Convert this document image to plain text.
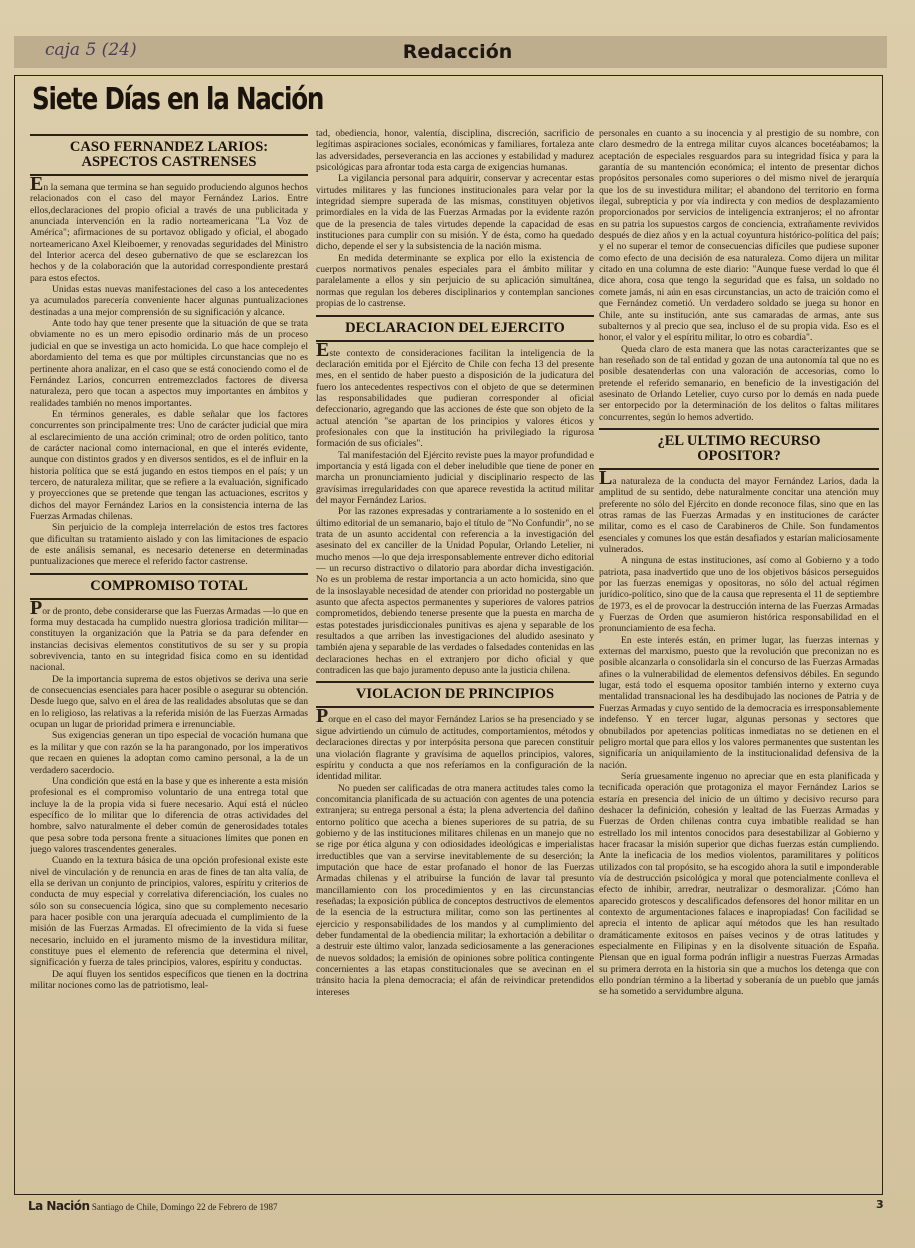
caja 5 (24)	Redacción
Siete Días en la Nación
CASO FERNANDEZ LARIOS:
ASPECTOS CASTRENSES

En la semana que termina se han seguido produciendo algunos hechos relacionados con el caso del mayor Fernández Larios. Entre ellos,declaraciones del propio oficial a través de una publicitada y anunciada intervención en la radio norteamericana "La Voz de América"; afirmaciones de su portavoz obligado y oficial, el abogado norteamericano Axel Kleiboemer, y renovadas seguridades del Ministro del Interior acerca del deseo gubernativo de que se esclarezcan los hechos y de la colaboración que la autoridad correspondiente prestará para estos efectos.

Unidas estas nuevas manifestaciones del caso a los antecedentes ya acumulados parecería conveniente hacer algunas puntualizaciones destinadas a una mejor comprensión de su significación y alcance.

Ante todo hay que tener presente que la situación de que se trata obviamente no es un mero episodio ordinario más de un proceso judicial en que se investiga un acto homicida. Lo que hace complejo el abordamiento del tema es que por múltiples circunstancias que no es pertinente ahora analizar, en el caso que se está conociendo como el de Fernández Larios, concurren entremezclados factores de diversa naturaleza, pero que tocan a aspectos muy importantes en ámbitos y realidades también no menos importantes.

En términos generales, es dable señalar que los factores concurrentes son principalmente tres: Uno de carácter judicial que mira al esclarecimiento de una acción criminal; otro de orden político, tanto de carácter nacional como internacional, en que el interés evidente, aunque con distintos grados y en diversos sentidos, es el de influir en la historia política que se está jugando en estos tiempos en el país; y un tercero, de naturaleza militar, que se refiere a la evaluación, significado y proyecciones que se pretende que tengan las actuaciones, escritos y dichos del mayor Fernández Larios en la consistencia interna de las Fuerzas Armadas chilenas.

Sin perjuicio de la compleja interrelación de estos tres factores que dificultan su tratamiento aislado y con las limitaciones de espacio de este análisis semanal, es necesario detenerse en determinadas puntualizaciones que merece el referido factor castrense.

COMPROMISO TOTAL

Por de pronto, debe considerarse que las Fuerzas Armadas —lo que en forma muy destacada ha cumplido nuestra gloriosa tradición militar— constituyen la organización que la Patria se da para defender en instancias decisivas elementos constitutivos de su ser y su propia sobrevivencia, tanto en su integridad física como en su identidad nacional.

De la importancia suprema de estos objetivos se deriva una serie de consecuencias esenciales para hacer posible o asegurar su obtención. Desde luego que, salvo en el área de las realidades absolutas que se dan en lo religioso, las relativas a la referida misión de las Fuerzas Armadas ocupan un lugar de prioridad primera e irrenunciable.

Sus exigencias generan un tipo especial de vocación humana que es la militar y que con razón se la ha parangonado, por los imperativos que recaen en quienes la adoptan como camino personal, a la de un verdadero sacerdocio.

Una condición que está en la base y que es inherente a esta misión profesional es el compromiso voluntario de una entrega total que incluye la de la propia vida si fuere necesario. Aquí está el núcleo específico de lo militar que lo diferencia de otras actividades del hombre, salvo naturalmente el deber común de generosidades totales que pesa sobre toda persona frente a situaciones límites que ponen en juego valores trascendentes generales.

Cuando en la textura básica de una opción profesional existe este nivel de vinculación y de renuncia en aras de fines de tan alta valía, de ella se derivan un conjunto de principios, valores, espíritu y criterios de conducta de muy especial y correlativa diferenciación, los cuales no sólo son su consecuencia lógica, sino que su complemento necesario para hacer posible con una jerarquía adecuada el cumplimiento de la misión de las Fuerzas Armadas. El ofrecimiento de la vida si fuese necesario, incluido en el juramento mismo de la investidura militar, constituye pues el elemento de referencia que determina el nivel, significación y fuerza de tales principios, valores, espíritu y conductas.

De aquí fluyen los sentidos específicos que tienen en la doctrina militar nociones como las de patriotismo, leal-

tad, obediencia, honor, valentía, disciplina, discreción, sacrificio de legítimas aspiraciones sociales, económicas y familiares, fortaleza ante las adversidades, perseverancia en las acciones y estabilidad y madurez psicológicas para afrontar toda esta carga de exigencias humanas.

La vigilancia personal para adquirir, conservar y acrecentar estas virtudes militares y las funciones institucionales para velar por la integridad siempre superada de las mismas, constituyen objetivos primordiales en la vida de las Fuerzas Armadas por la evidente razón que de la presencia de tales virtudes depende la capacidad de esas instituciones para cumplir con su misión. Y de ésta, como ha quedado dicho, depende el ser y la subsistencia de la nación misma.

En medida determinante se explica por ello la existencia de cuerpos normativos penales especiales para el ámbito militar y paralelamente a ellos y sin perjuicio de su aplicación simultánea, normas que regulan los deberes disciplinarios y contemplan sanciones propias de lo castrense.

DECLARACION DEL EJERCITO

Este contexto de consideraciones facilitan la inteligencia de la declaración emitida por el Ejército de Chile con fecha 13 del presente mes, en el sentido de haber puesto a disposición de la judicatura del fuero los antecedentes respectivos con el objeto de que se determinen las responsabilidades que pudieran corresponder al oficial defeccionario, agregando que las acciones de éste que son objeto de la actual atención "se apartan de los principios y valores éticos y profesionales con que la institución ha privilegiado la rigurosa formación de sus oficiales".

Tal manifestación del Ejército reviste pues la mayor profundidad e importancia y está ligada con el deber ineludible que tiene de poner en marcha un pronunciamiento judicial y disciplinario respecto de las gravísimas irregularidades con que aparece revestida la actitud militar del mayor Fernández Larios.

Por las razones expresadas y contrariamente a lo sostenido en el último editorial de un semanario, bajo el título de "No Confundir", no se trata de un asunto accidental con referencia a la investigación del asesinato del ex canciller de la Unidad Popular, Orlando Letelier, ni mucho menos —lo que deja irresponsablemente entrever dicho editorial— un recurso distractivo o dilatorio para abordar dicha investigación. No es un problema de restar importancia a un acto homicida, sino que de la insoslayable necesidad de atender con prioridad no postergable un asunto que afecta aspectos permanentes y superiores de valores patrios comprometidos, debiendo tenerse presente que la puesta en marcha de estas potestades jurisdiccionales punitivas es ajena y separable de los resultados a que arriben las investigaciones del aludido asesinato y también ajena y separable de las verdades o falsedades contenidas en las declaraciones hechas en el extranjero por dicho oficial y que contradicen las que bajo juramento depuso ante la justicia chilena.

VIOLACION DE PRINCIPIOS

Porque en el caso del mayor Fernández Larios se ha presenciado y se sigue advirtiendo un cúmulo de actitudes, comportamientos, métodos y declaraciones directas y por interpósita persona que parecen constituir una violación flagrante y gravísima de aquellos principios, valores, espíritu y conducta a que nos referíamos en la configuración de la identidad militar.

No pueden ser calificadas de otra manera actitudes tales como la concomitancia planificada de su actuación con agentes de una potencia extranjera; su entrega personal a ésta; la plena advertencia del dañino entorno político que acecha a bienes superiores de su patria, de su gobierno y de las instituciones militares chilenas en un manejo que no se rige por ética alguna y con odiosidades ideológicas e imperialistas irreductibles que van a servirse inevitablemente de su deserción; la imputación que hace de estar profanado el honor de las Fuerzas Armadas chilenas y el atribuirse la función de lavar tal presunto mancillamiento con los procedimientos y en las circunstancias reseñadas; la exposición pública de conceptos destructivos de elementos de la esencia de la estructura militar, como son las pertinentes al ejercicio y responsabilidades de los mandos y al cumplimiento del deber fundamental de la obediencia militar; la exhortación a debilitar o a destruir este último valor, lanzada sediciosamente a las generaciones de nuevos soldados; la emisión de opiniones sobre política contingente concernientes a las etapas constitucionales que se avecinan en el tránsito hacia la plena democracia; el afán de reivindicar pretendidos intereses

personales en cuanto a su inocencia y al prestigio de su nombre, con claro desmedro de la entrega militar cuyos alcances bocetéabamos; la aceptación de especiales resguardos para su integridad física y para la garantía de su mantención económica; el intento de presentar dichos propósitos personales como superiores o del mismo nivel de jerarquía que los de su investidura militar; el abandono del territorio en forma ilegal, subrepticia y por vía indirecta y con medios de desplazamiento proporcionados por servicios de inteligencia extranjeros; el no afrontar en su patria los supuestos cargos de conciencia, extrañamente revividos después de diez años y en la actual coyuntura histórico-política del país; y el no superar el temor de consecuencias difíciles que pudiese suponer como efecto de una decisión de esa naturaleza. Como dijera un militar citado en una columna de este diario: "Aunque fuese verdad lo que él dice ahora, cosa que tengo la seguridad que es falsa, un soldado no comete jamás, ni aún en esas circunstancias, un acto de traición como el que Fernández cometió. Un verdadero soldado se juega su honor en Chile, ante su institución, ante sus camaradas de armas, ante sus subalternos y al precio que sea, incluso el de su propia vida. Eso es el honor, el valor y el espíritu militar, lo otro es cobardía".

Queda claro de esta manera que las notas caracterizantes que se han reseñado son de tal entidad y gozan de una autonomía tal que no es posible desatenderlas con una valoración de accesorias, como lo pretende el referido semanario, en beneficio de la investigación del asesinato de Orlando Letelier, cuyo curso por lo demás en nada puede ser entorpecido por la determinación de los delitos o faltas militares concurrentes, según lo hemos advertido.

¿EL ULTIMO RECURSO
OPOSITOR?

La naturaleza de la conducta del mayor Fernández Larios, dada la amplitud de su sentido, debe naturalmente concitar una atención muy preferente no sólo del Ejército en donde reconoce filas, sino que en las otras ramas de las Fuerzas Armadas y en instituciones de carácter militar, como es el caso de Carabineros de Chile. Son fundamentos esenciales y comunes los que están desafiados y estarían maliciosamente vulnerados.

A ninguna de estas instituciones, así como al Gobierno y a todo patriota, pasa inadvertido que uno de los objetivos básicos perseguidos por las fuerzas enemigas y opositoras, no sólo del actual régimen jurídico-político, sino que de la causa que representa el 11 de septiembre de 1973, es el de provocar la destrucción interna de las Fuerzas Armadas y Fuerzas de Orden que asumieron histórica responsabilidad en el pronunciamiento de esa fecha.

En este interés están, en primer lugar, las fuerzas internas y externas del marxismo, puesto que la revolución que preconizan no es posible alcanzarla o consolidarla sin el concurso de las Fuerzas Armadas afines o la vulnerabilidad de elementos defensivos débiles. En segundo lugar, está todo el esquema opositor también interno y externo cuya mentalidad transnacional les ha desdibujado las nociones de Patria y de Fuerzas Armadas y cuyo sentido de la democracia es irresponsablemente indefenso. Y en tercer lugar, algunas personas y sectores que obnubilados por apetencias políticas inmediatas no se detienen en el peligro mortal que para ellos y los valores permanentes que sustentan les significaría un aniquilamiento de la institucionalidad defensiva de la nación.

Sería gruesamente ingenuo no apreciar que en esta planificada y tecnificada operación que protagoniza el mayor Fernández Larios se estaría en presencia del inicio de un último y decisivo recurso para deshacer la definición, cohesión y lealtad de las Fuerzas Armadas y Fuerzas de Orden chilenas contra cuya imbatible realidad se han estrellado los mil intentos conocidos para desestabilizar al Gobierno y hacer fracasar la misión superior que dichas fuerzas están cumpliendo. Ante la ineficacia de los medios violentos, paramilitares y políticos utilizados con tal propósito, se ha escogido ahora la sutil e imponderable vía de destrucción psicológica y moral que potencialmente conlleva el efecto de inhibir, arredrar, neutralizar o desmoralizar. ¡Cómo han aparecido grotescos y descalificados defensores del honor militar en un contexto de argumentaciones falaces e inapropiadas! Con facilidad se aprecia el intento de aplicar aquí métodos que les han resultado dramáticamente exitosos en países vecinos y de otras latitudes y especialmente en Filipinas y en la disolvente situación de España. Piensan que en igual forma podrán infligir a nuestras Fuerzas Armadas su primera derrota en la historia sin que a muchos los detenga que con ello pondrían término a la libertad y soberanía de un pueblo que jamás se ha sometido a servidumbre alguna.

La Nación Santiago de Chile, Domingo 22 de Febrero de 1987	3
